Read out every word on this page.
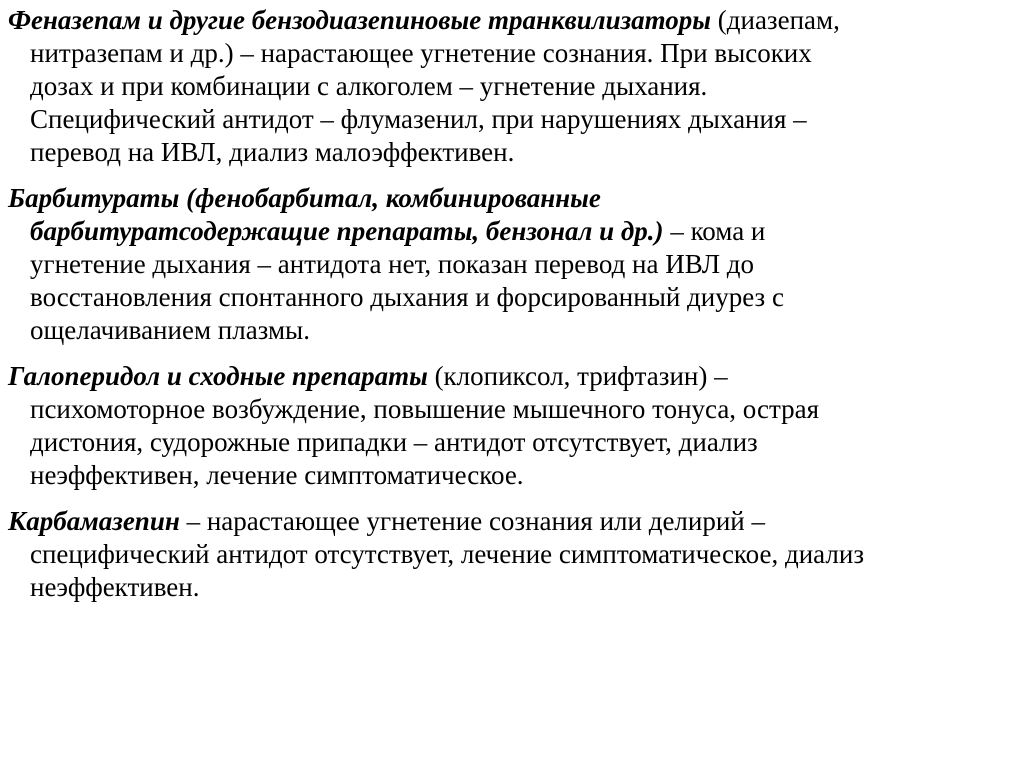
Феназепам и другие бензодиазепиновые транквилизаторы (диазепам,
нитразепам и др.) – нарастающее угнетение сознания. При высоких
дозах и при комбинации с алкоголем – угнетение дыхания.
Специфический антидот – флумазенил, при нарушениях дыхания –
перевод на ИВЛ, диализ малоэффективен.

Барбитураты (фенобарбитал, комбинированные
барбитуратсодержащие препараты, бензонал и др.) – кома и
угнетение дыхания – антидота нет, показан перевод на ИВЛ до
восстановления спонтанного дыхания и форсированный диурез с
ощелачиванием плазмы.

Галоперидол и сходные препараты (клопиксол, трифтазин) –
психомоторное возбуждение, повышение мышечного тонуса, острая
дистония, судорожные припадки – антидот отсутствует, диализ
неэффективен, лечение симптоматическое.

Карбамазепин – нарастающее угнетение сознания или делирий –
специфический антидот отсутствует, лечение симптоматическое, диализ
неэффективен.
